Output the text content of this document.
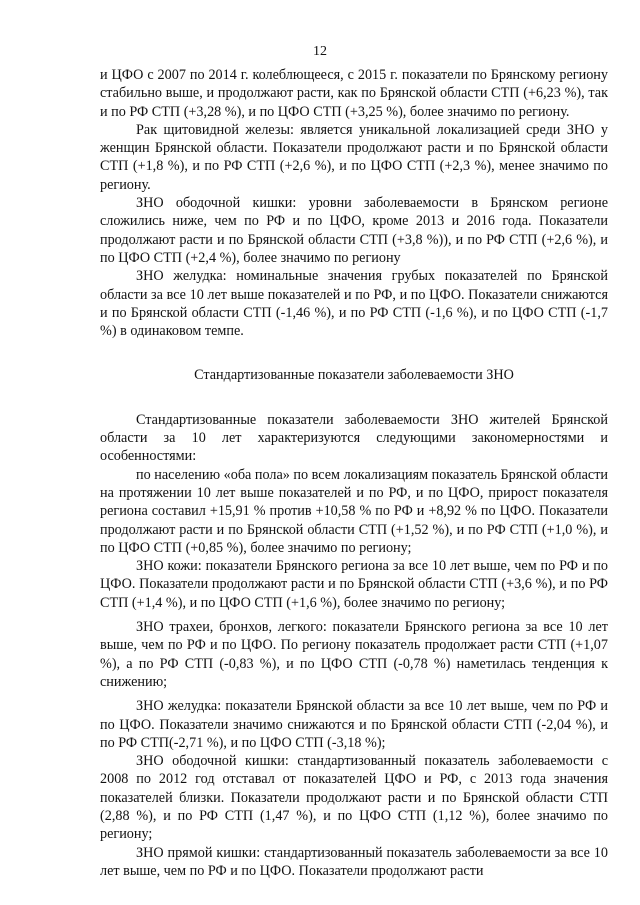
12

и ЦФО с 2007 по 2014 г. колеблющееся, с 2015 г. показатели по Брянскому региону стабильно выше, и продолжают расти, как по Брянской области СТП (+6,23 %), так и по РФ СТП (+3,28 %), и по ЦФО СТП (+3,25 %), более значимо по региону.

Рак щитовидной железы: является уникальной локализацией среди ЗНО у женщин Брянской области. Показатели продолжают расти и по Брянской области СТП (+1,8 %), и по РФ СТП (+2,6 %), и по ЦФО СТП (+2,3 %), менее значимо по региону.

ЗНО ободочной кишки: уровни заболеваемости в Брянском регионе сложились ниже, чем по РФ и по ЦФО, кроме 2013 и 2016 года. Показатели продолжают расти и по Брянской области СТП (+3,8 %)), и по РФ СТП (+2,6 %), и по ЦФО СТП (+2,4 %), более значимо по региону

ЗНО желудка: номинальные значения грубых показателей по Брянской области за все 10 лет выше показателей и по РФ, и по ЦФО. Показатели снижаются и по Брянской области СТП (-1,46 %), и по РФ СТП (-1,6 %), и по ЦФО СТП (-1,7 %) в одинаковом темпе.

Стандартизованные показатели заболеваемости ЗНО

Стандартизованные показатели заболеваемости ЗНО жителей Брянской области за 10 лет характеризуются следующими закономерностями и особенностями:

по населению «оба пола» по всем локализациям показатель Брянской области на протяжении 10 лет выше показателей и по РФ, и по ЦФО, прирост показателя региона составил +15,91 % против +10,58 % по РФ и +8,92 % по ЦФО. Показатели продолжают расти и по Брянской области СТП (+1,52 %), и по РФ СТП (+1,0 %), и по ЦФО СТП (+0,85 %), более значимо по региону;

ЗНО кожи: показатели Брянского региона за все 10 лет выше, чем по РФ и по ЦФО. Показатели продолжают расти и по Брянской области СТП (+3,6 %), и по РФ СТП (+1,4 %), и по ЦФО СТП (+1,6 %), более значимо по региону;

ЗНО трахеи, бронхов, легкого: показатели Брянского региона за все 10 лет выше, чем по РФ и по ЦФО. По региону показатель продолжает расти СТП (+1,07 %), а по РФ СТП (-0,83 %), и по ЦФО СТП (-0,78 %) наметилась тенденция к снижению;

ЗНО желудка: показатели Брянской области за все 10 лет выше, чем по РФ и по ЦФО. Показатели значимо снижаются и по Брянской области СТП (-2,04 %), и по РФ СТП(-2,71 %), и по ЦФО СТП (-3,18 %);

ЗНО ободочной кишки: стандартизованный показатель заболеваемости с 2008 по 2012 год отставал от показателей ЦФО и РФ, с 2013 года значения показателей близки. Показатели продолжают расти и по Брянской области СТП (2,88 %), и по РФ СТП (1,47 %), и по ЦФО СТП (1,12 %), более значимо по региону;

ЗНО прямой кишки: стандартизованный показатель заболеваемости за все 10 лет выше, чем по РФ и по ЦФО. Показатели продолжают расти
